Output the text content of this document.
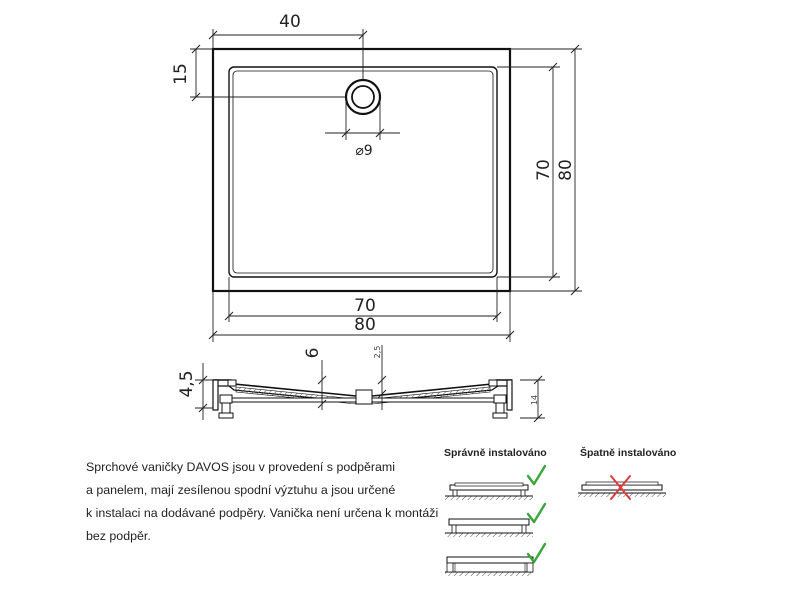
40
15
⌀9
70 80
70
80
4,5
6	2,5
14
Sprchové vaničky DAVOS jsou v provedení s podpěrami
a panelem, mají zesílenou spodní výztuhu a jsou určené
k instalaci na dodávané podpěry. Vanička není určena k montáži
bez podpěr.
Správně instalováno	Špatně instalováno
